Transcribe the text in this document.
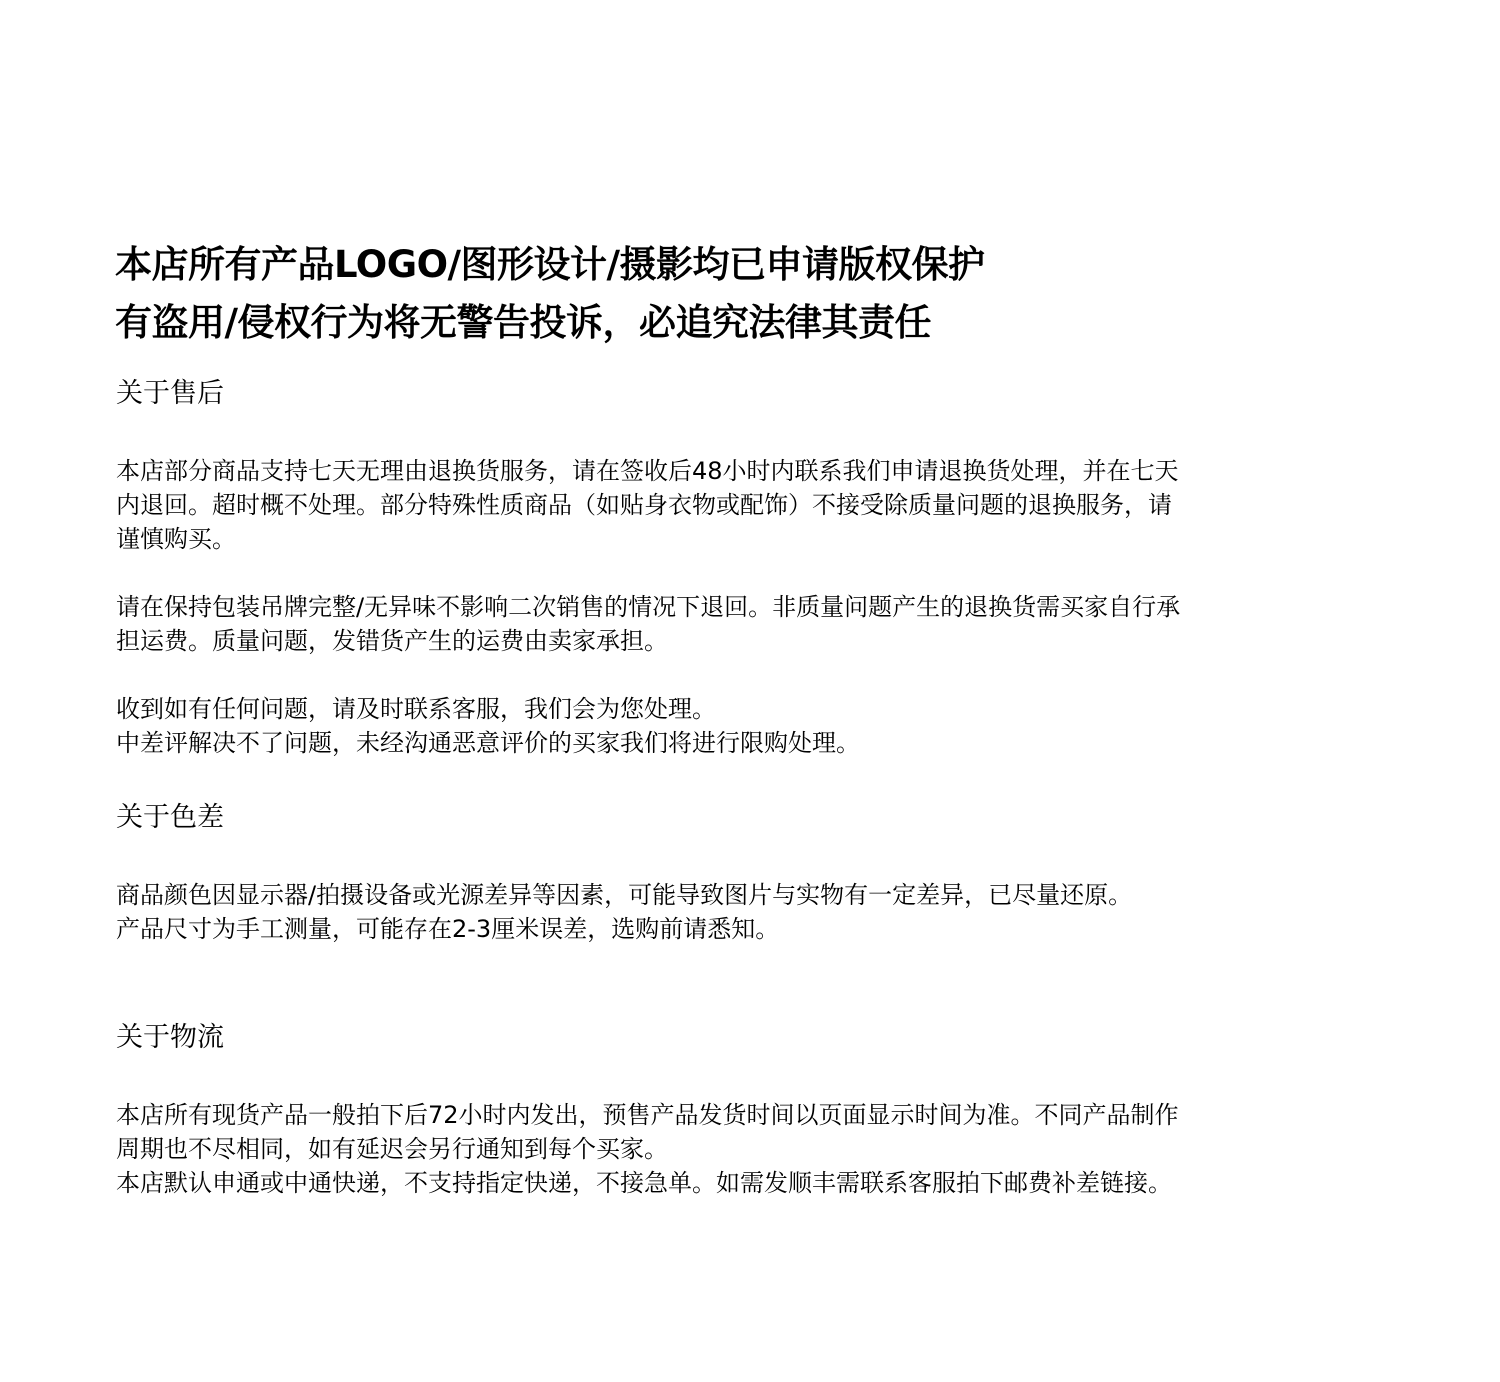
本店所有产品LOGO/图形设计/摄影均已申请版权保护
有盗用/侵权行为将无警告投诉，必追究法律其责任
关于售后
本店部分商品支持七天无理由退换货服务，请在签收后48小时内联系我们申请退换货处理，并在七天
内退回。超时概不处理。部分特殊性质商品（如贴身衣物或配饰）不接受除质量问题的退换服务，请
谨慎购买。
请在保持包装吊牌完整/无异味不影响二次销售的情况下退回。非质量问题产生的退换货需买家自行承
担运费。质量问题，发错货产生的运费由卖家承担。
收到如有任何问题，请及时联系客服，我们会为您处理。
中差评解决不了问题，未经沟通恶意评价的买家我们将进行限购处理。
关于色差
商品颜色因显示器/拍摄设备或光源差异等因素，可能导致图片与实物有一定差异，已尽量还原。
产品尺寸为手工测量，可能存在2-3厘米误差，选购前请悉知。
关于物流
本店所有现货产品一般拍下后72小时内发出，预售产品发货时间以页面显示时间为准。不同产品制作
周期也不尽相同，如有延迟会另行通知到每个买家。
本店默认申通或中通快递，不支持指定快递，不接急单。如需发顺丰需联系客服拍下邮费补差链接。
